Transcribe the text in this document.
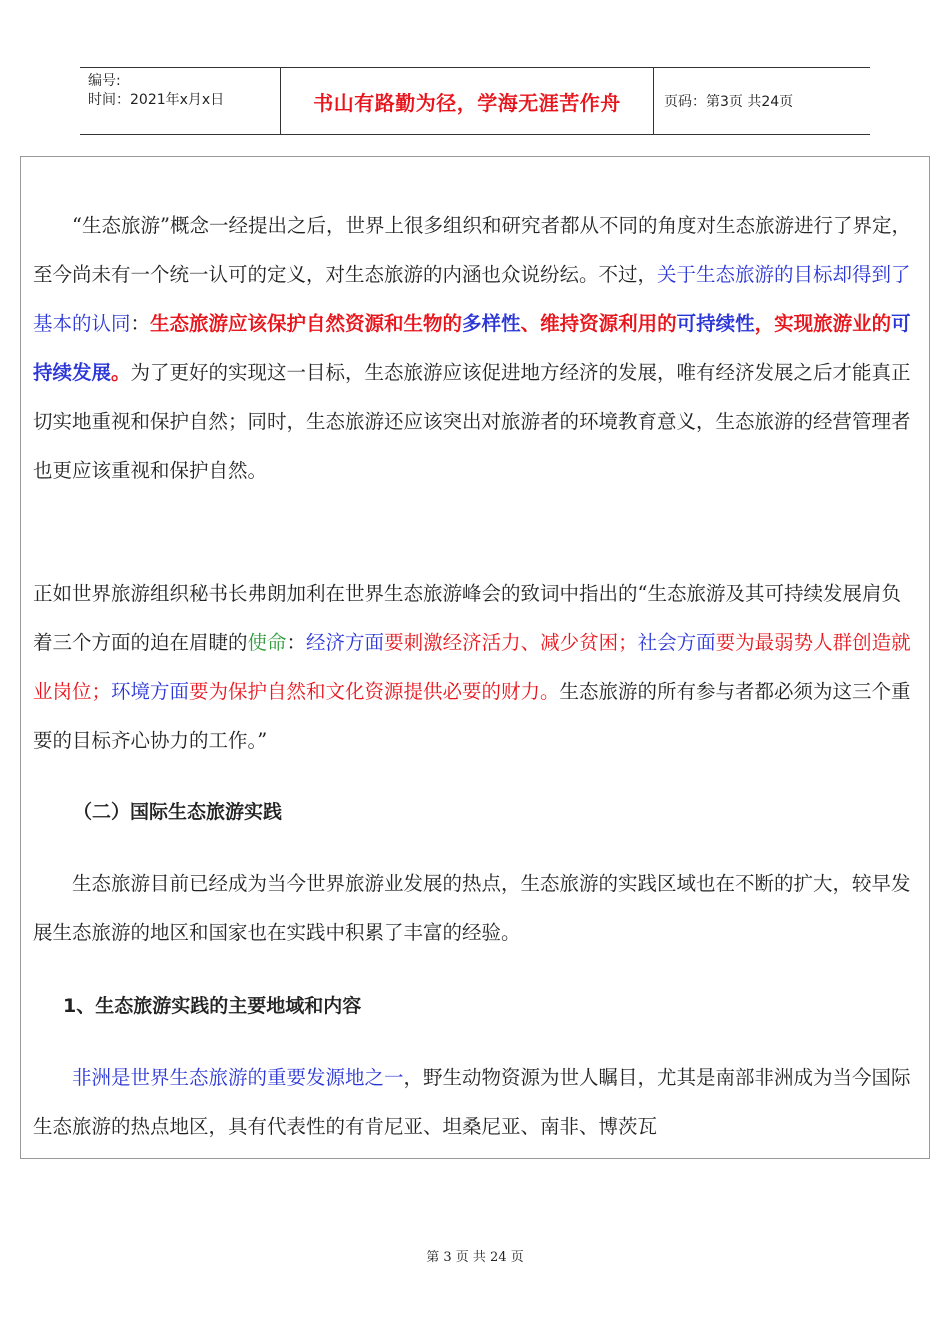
编号:
时间：2021年x月x日	书山有路勤为径，学海无涯苦作舟	页码：第3页 共24页

“生态旅游”概念一经提出之后，世界上很多组织和研究者都从不同的角度对生态旅游进行了界定，至今尚未有一个统一认可的定义，对生态旅游的内涵也众说纷纭。不过，关于生态旅游的目标却得到了基本的认同：生态旅游应该保护自然资源和生物的多样性、维持资源利用的可持续性，实现旅游业的可持续发展。为了更好的实现这一目标，生态旅游应该促进地方经济的发展，唯有经济发展之后才能真正切实地重视和保护自然；同时，生态旅游还应该突出对旅游者的环境教育意义，生态旅游的经营管理者也更应该重视和保护自然。

正如世界旅游组织秘书长弗朗加利在世界生态旅游峰会的致词中指出的“生态旅游及其可持续发展肩负着三个方面的迫在眉睫的使命：经济方面要刺激经济活力、减少贫困；社会方面要为最弱势人群创造就业岗位；环境方面要为保护自然和文化资源提供必要的财力。生态旅游的所有参与者都必须为这三个重要的目标齐心协力的工作。”

（二）国际生态旅游实践

生态旅游目前已经成为当今世界旅游业发展的热点，生态旅游的实践区域也在不断的扩大，较早发展生态旅游的地区和国家也在实践中积累了丰富的经验。

1、生态旅游实践的主要地域和内容

非洲是世界生态旅游的重要发源地之一，野生动物资源为世人瞩目，尤其是南部非洲成为当今国际生态旅游的热点地区，具有代表性的有肯尼亚、坦桑尼亚、南非、博茨瓦

第 3 页 共 24 页
